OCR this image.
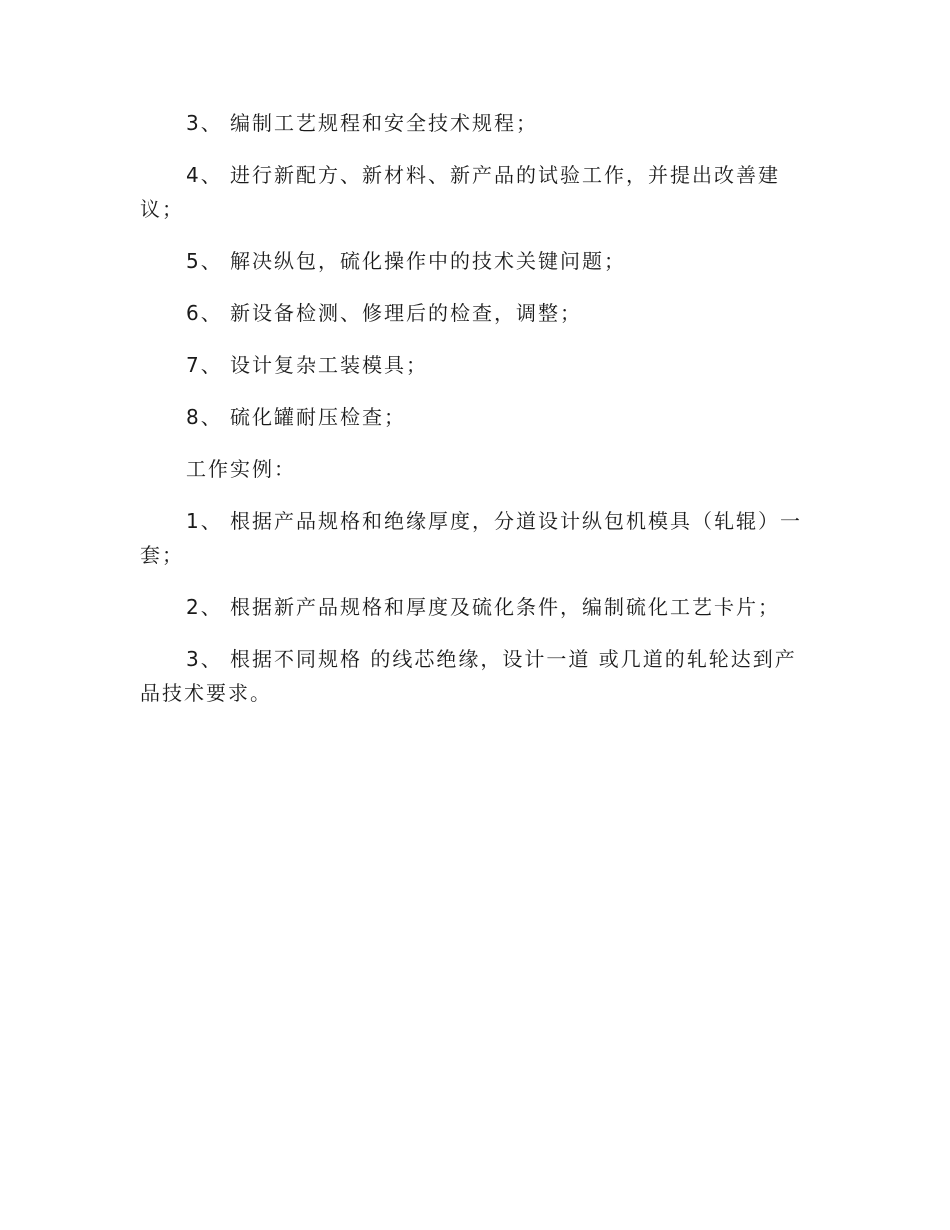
3、 编制工艺规程和安全技术规程；

4、 进行新配方、新材料、新产品的试验工作，并提出改善建议；

5、 解决纵包，硫化操作中的技术关键问题；

6、 新设备检测、修理后的检查，调整；

7、 设计复杂工装模具；

8、 硫化罐耐压检查；

工作实例：

1、 根据产品规格和绝缘厚度，分道设计纵包机模具（轧辊）一套；

2、 根据新产品规格和厚度及硫化条件，编制硫化工艺卡片；

3、 根据不同规格 的线芯绝缘，设计一道 或几道的轧轮达到产品技术要求。
